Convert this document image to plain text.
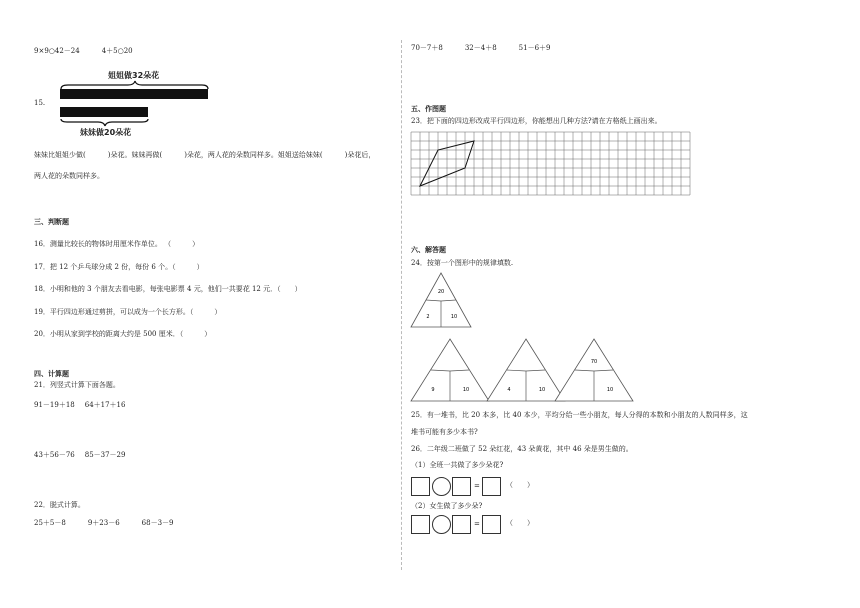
9×9○42－24	4＋5○20
姐姐做32朵花
15.
妹妹做20朵花
妹妹比姐姐少做(	)朵花。妹妹再做(	)朵花，两人花的朵数同样多。姐姐送给妹妹(	)朵花后，
两人花的朵数同样多。
三、判断题
16．测量比较长的物体时用厘米作单位。 （　　　）
17．把 12 个乒乓球分成 2 份，每份 6 个。（　　　）
18．小明和他的 3 个朋友去看电影，每张电影票 4 元，他们一共要花 12 元．（　　）
19．平行四边形通过剪拼，可以成为一个长方形。（　　　）
20．小明从家到学校的距离大约是 500 厘米．（　　　）
四、计算题
21．列竖式计算下面各题。
91－19＋18 64＋17＋16
43＋56－76 85－37－29
22．脱式计算。
25＋5－8	9＋23－6	68－3－9
70－7＋8	32－4＋8	51－6＋9
五、作图题
23．把下面的四边形改成平行四边形，你能想出几种方法?请在方格纸上画出来。
六、解答题
24．按第一个图形中的规律填数.
20
2	10
9	10	4	10
70
10
25．有一堆书，比 20 本多，比 40 本少，平均分给一些小朋友，每人分得的本数和小朋友的人数同样多，这
堆书可能有多少本书?
26．二年级二班做了 52 朵红花，43 朵黄花，其中 46 朵是男生做的。
（1）全班一共做了多少朵花?
=	（　　）
（2）女生做了多少朵?
=	（　　）
